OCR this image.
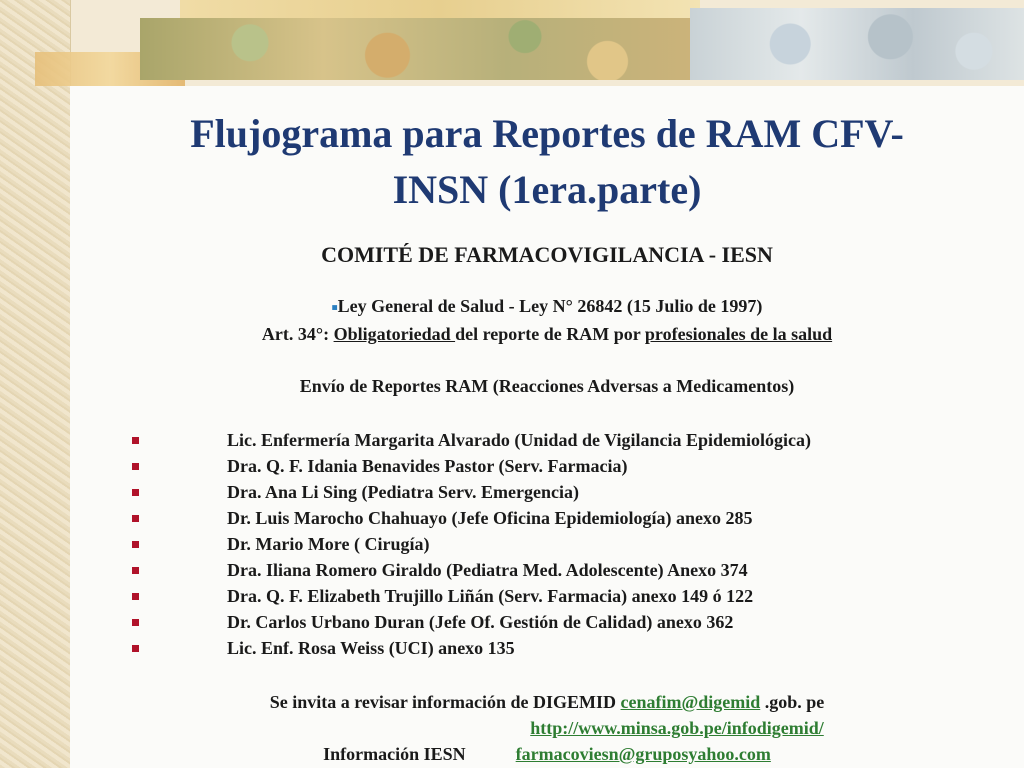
Flujograma para Reportes de RAM CFV-
INSN (1era.parte)

COMITÉ DE FARMACOVIGILANCIA - IESN

■Ley General de Salud - Ley N° 26842 (15 Julio de 1997)

Art. 34°: Obligatoriedad del reporte de RAM por profesionales de la salud

Envío de Reportes RAM (Reacciones Adversas a Medicamentos)

Lic. Enfermería Margarita Alvarado (Unidad de Vigilancia Epidemiológica)
Dra. Q. F. Idania Benavides Pastor (Serv. Farmacia)
Dra. Ana Li Sing (Pediatra Serv. Emergencia)
Dr. Luis Marocho Chahuayo (Jefe Oficina Epidemiología) anexo 285
Dr. Mario More ( Cirugía)
Dra. Iliana Romero Giraldo (Pediatra Med. Adolescente) Anexo 374
Dra. Q. F. Elizabeth Trujillo Liñán (Serv. Farmacia) anexo 149 ó 122
Dr. Carlos Urbano Duran (Jefe Of. Gestión de Calidad) anexo 362
Lic. Enf. Rosa Weiss (UCI) anexo 135

Se invita a revisar información de DIGEMID cenafim@digemid .gob. pe

http://www.minsa.gob.pe/infodigemid/

Información IESN	farmacoviesn@gruposyahoo.com
